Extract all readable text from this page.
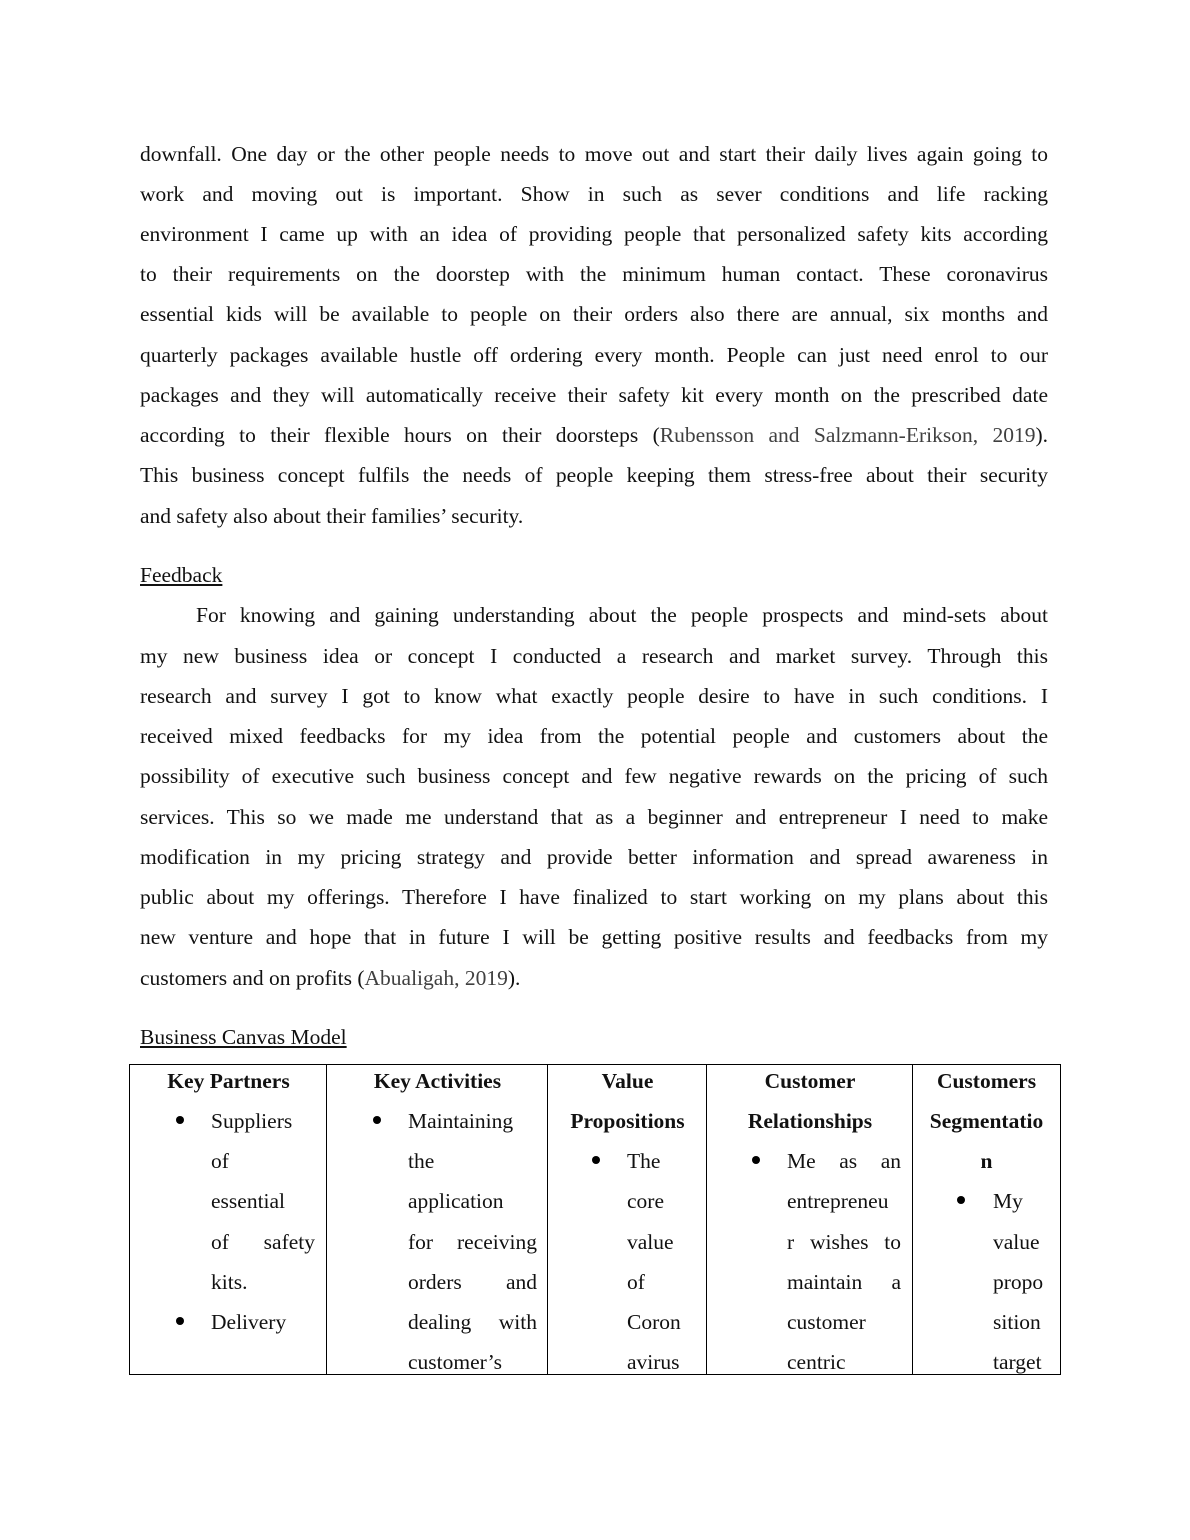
downfall. One day or the other people needs to move out and start their daily lives again going to
work and moving out is important. Show in such as sever conditions and life racking
environment I came up with an idea of providing people that personalized safety kits according
to their requirements on the doorstep with the minimum human contact. These coronavirus
essential kids will be available to people on their orders also there are annual, six months and
quarterly packages available hustle off ordering every month. People can just need enrol to our
packages and they will automatically receive their safety kit every month on the prescribed date
according to their flexible hours on their doorsteps (Rubensson and Salzmann-Erikson, 2019).
This business concept fulfils the needs of people keeping them stress-free about their security
and safety also about their families’ security.
Feedback
For knowing and gaining understanding about the people prospects and mind-sets about
my new business idea or concept I conducted a research and market survey. Through this
research and survey I got to know what exactly people desire to have in such conditions. I
received mixed feedbacks for my idea from the potential people and customers about the
possibility of executive such business concept and few negative rewards on the pricing of such
services. This so we made me understand that as a beginner and entrepreneur I need to make
modification in my pricing strategy and provide better information and spread awareness in
public about my offerings. Therefore I have finalized to start working on my plans about this
new venture and hope that in future I will be getting positive results and feedbacks from my
customers and on profits (Abualigah, 2019).
Business Canvas Model
Key Partners
Suppliers
of
essential
of safety
kits.
Delivery
Key Activities
Maintaining
the
application
for receiving
orders and
dealing with
customer’s
Value
Propositions
The
core
value
of
Coron
avirus
Customer
Relationships
Me as an
entrepreneu
r wishes to
maintain a
customer
centric
Customers
Segmentatio
n
My
value
propo
sition
target
